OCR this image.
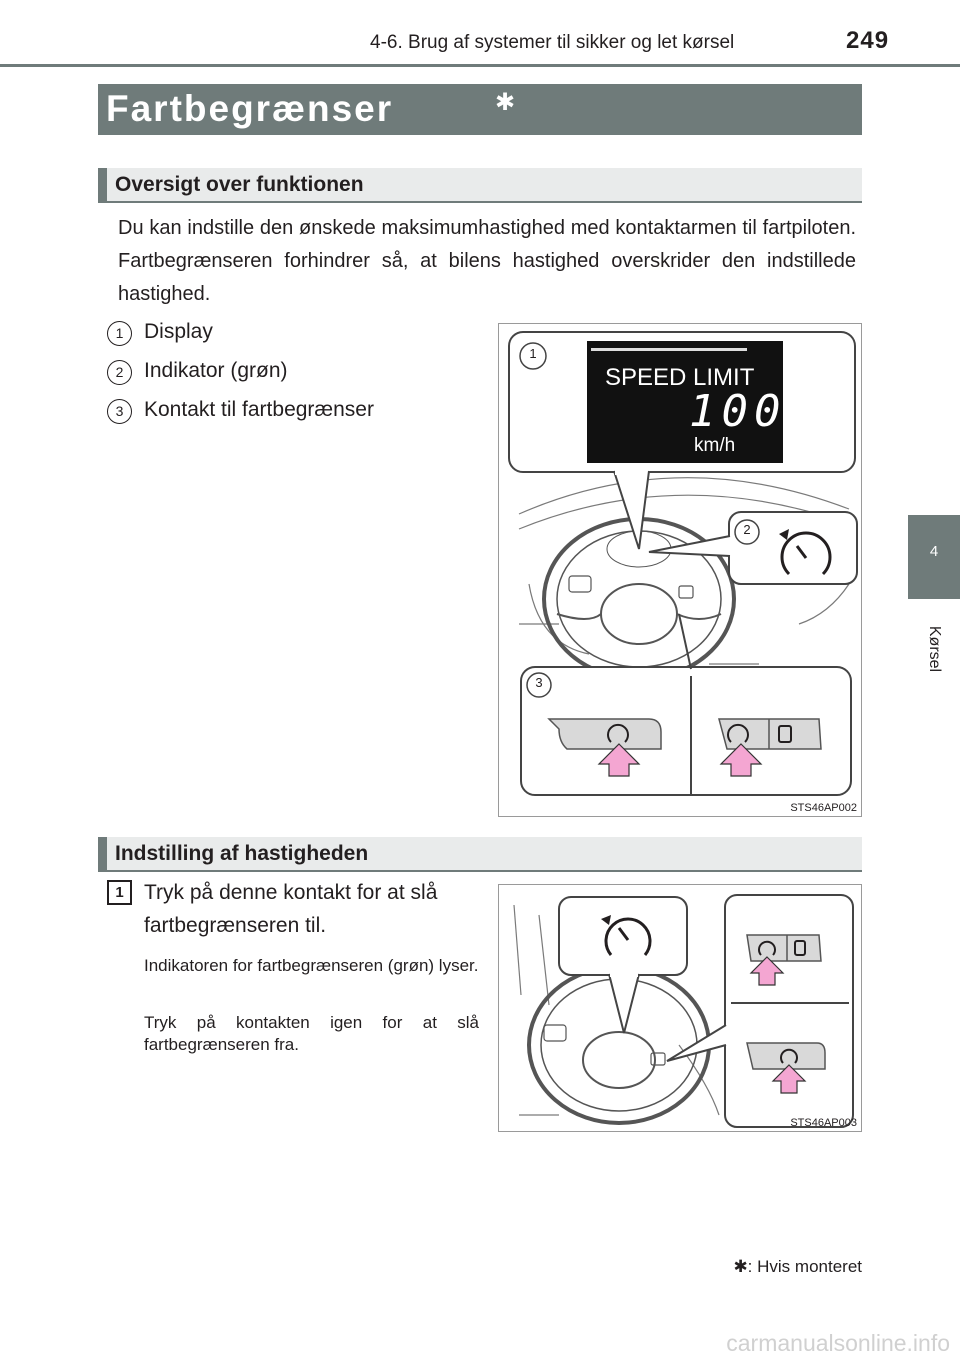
4-6. Brug af systemer til sikker og let kørsel	249
4
Kørsel
Fartbegrænser	✱
Oversigt over funktionen

Du kan indstille den ønskede maksimumhastighed med kontaktarmen til fartpiloten. Fartbegrænseren forhindrer så, at bilens hastighed overskrider den indstillede hastighed.

1 Display
2 Indikator (grøn)
3 Kontakt til fartbegrænser
SPEED LIMIT
100
km/h
1
2
3
STS46AP002
Indstilling af hastigheden
1 Tryk på denne kontakt for at slå fartbegrænseren til.

Indikatoren for fartbegrænseren (grøn) lyser.

Tryk på kontakten igen for at slå fartbegrænseren fra.

STS46AP003
✱: Hvis monteret
carmanualsonline.info
